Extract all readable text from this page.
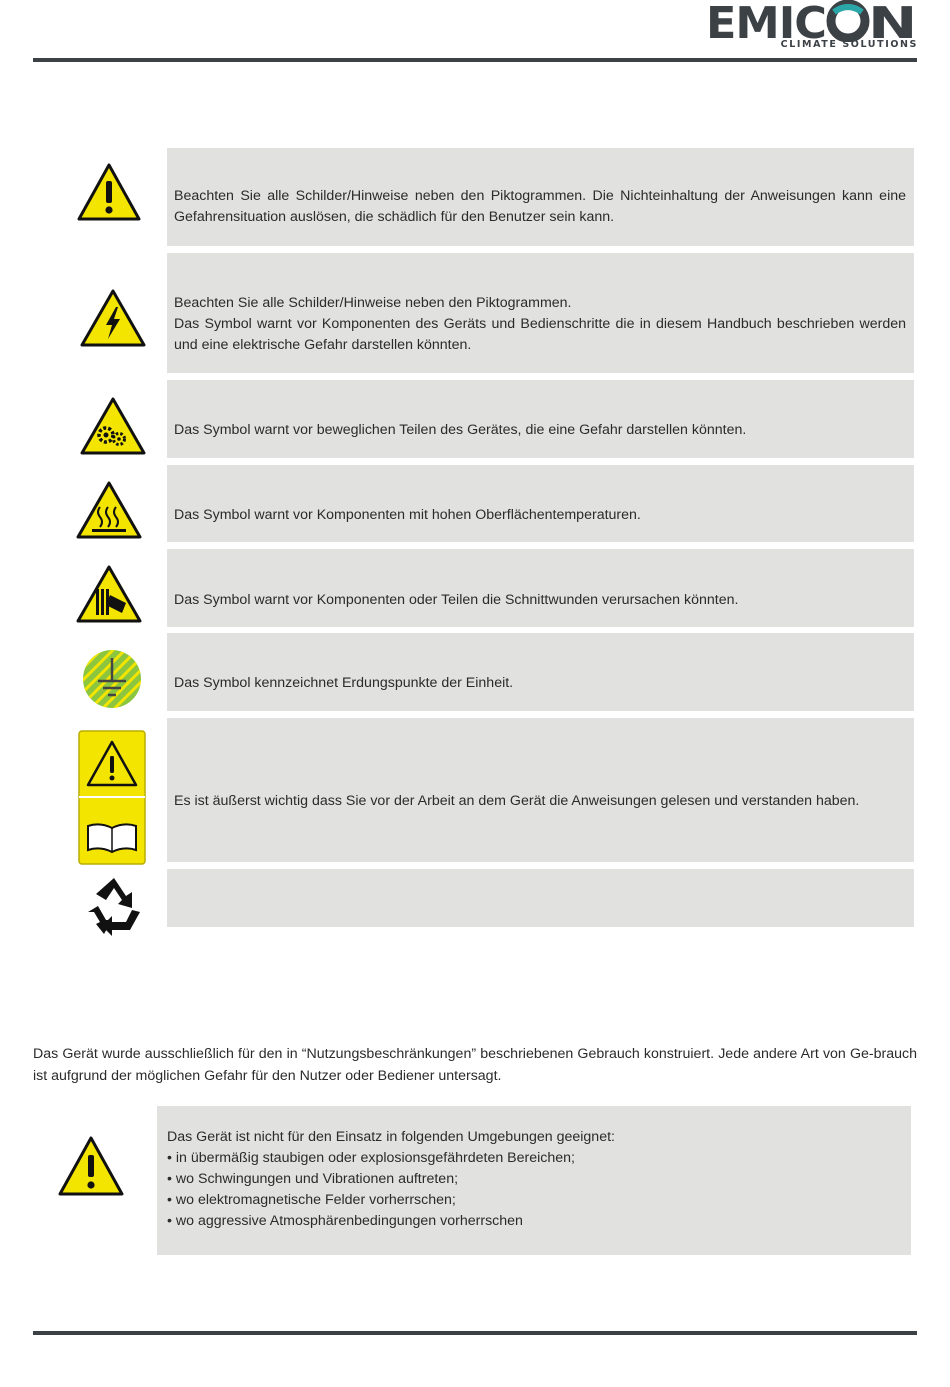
EMIC N
CLIMATE SOLUTIONS
Beachten Sie alle Schilder/Hinweise neben den Piktogrammen. Die Nichteinhaltung der Anweisungen kann eine Gefahrensituation auslösen, die schädlich für den Benutzer sein kann.
Beachten Sie alle Schilder/Hinweise neben den Piktogrammen.
Das Symbol warnt vor Komponenten des Geräts und Bedienschritte die in diesem Handbuch beschrieben werden und eine elektrische Gefahr darstellen könnten.
Das Symbol warnt vor beweglichen Teilen des Gerätes, die eine Gefahr darstellen könnten.
Das Symbol warnt vor Komponenten mit hohen Oberflächentemperaturen.
Das Symbol warnt vor Komponenten oder Teilen die Schnittwunden verursachen könnten.
Das Symbol kennzeichnet Erdungspunkte der Einheit.
Es ist äußerst wichtig dass Sie vor der Arbeit an dem Gerät die Anweisungen gelesen und verstanden haben.
Das Gerät wurde ausschließlich für den in “Nutzungsbeschränkungen” beschriebenen Gebrauch konstruiert. Jede andere Art von Ge-brauch ist aufgrund der möglichen Gefahr für den Nutzer oder Bediener untersagt.
Das Gerät ist nicht für den Einsatz in folgenden Umgebungen geeignet:
• in übermäßig staubigen oder explosionsgefährdeten Bereichen;
• wo Schwingungen und Vibrationen auftreten;
• wo elektromagnetische Felder vorherrschen;
• wo aggressive Atmosphärenbedingungen vorherrschen
